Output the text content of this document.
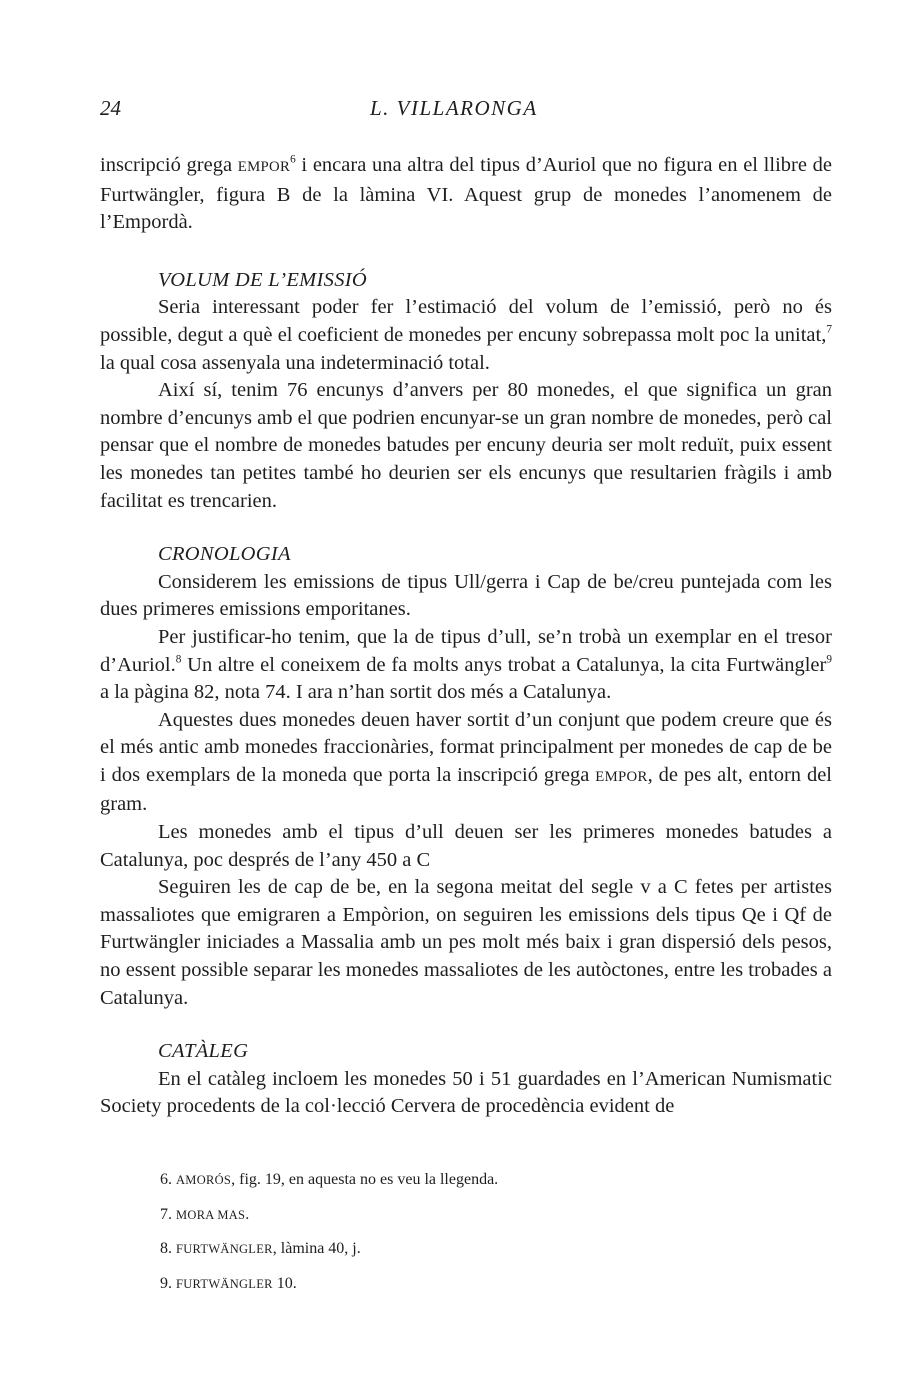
24	L. VILLARONGA

inscripció grega EMPOR$^6$ i encara una altra del tipus d’Auriol que no figura en el llibre de Furtwängler, figura B de la làmina VI. Aquest grup de monedes l’anomenem de l’Empordà.

VOLUM DE L’EMISSIÓ

Seria interessant poder fer l’estimació del volum de l’emissió, però no és possible, degut a què el coeficient de monedes per encuny sobrepassa molt poc la unitat,$^7$ la qual cosa assenyala una indeterminació total.

Així sí, tenim 76 encunys d’anvers per 80 monedes, el que significa un gran nombre d’encunys amb el que podrien encunyar-se un gran nombre de monedes, però cal pensar que el nombre de monedes batudes per encuny deuria ser molt reduït, puix essent les monedes tan petites també ho deurien ser els encunys que resultarien fràgils i amb facilitat es trencarien.

CRONOLOGIA

Considerem les emissions de tipus Ull/gerra i Cap de be/creu puntejada com les dues primeres emissions emporitanes.

Per justificar-ho tenim, que la de tipus d’ull, se’n trobà un exemplar en el tresor d’Auriol.$^8$ Un altre el coneixem de fa molts anys trobat a Catalunya, la cita Furtwängler$^9$ a la pàgina 82, nota 74. I ara n’han sortit dos més a Catalunya.

Aquestes dues monedes deuen haver sortit d’un conjunt que podem creure que és el més antic amb monedes fraccionàries, format principalment per monedes de cap de be i dos exemplars de la moneda que porta la inscripció grega EMPOR, de pes alt, entorn del gram.

Les monedes amb el tipus d’ull deuen ser les primeres monedes batudes a Catalunya, poc després de l’any 450 a C

Seguiren les de cap de be, en la segona meitat del segle v a C fetes per artistes massaliotes que emigraren a Empòrion, on seguiren les emissions dels tipus Qe i Qf de Furtwängler iniciades a Massalia amb un pes molt més baix i gran dispersió dels pesos, no essent possible separar les monedes massaliotes de les autòctones, entre les trobades a Catalunya.

CATÀLEG

En el catàleg incloem les monedes 50 i 51 guardades en l’American Numismatic Society procedents de la col·lecció Cervera de procedència evident de

6. AMORÓS, fig. 19, en aquesta no es veu la llegenda.
7. MORA MAS.
8. FURTWÄNGLER, làmina 40, j.
9. FURTWÄNGLER 10.
